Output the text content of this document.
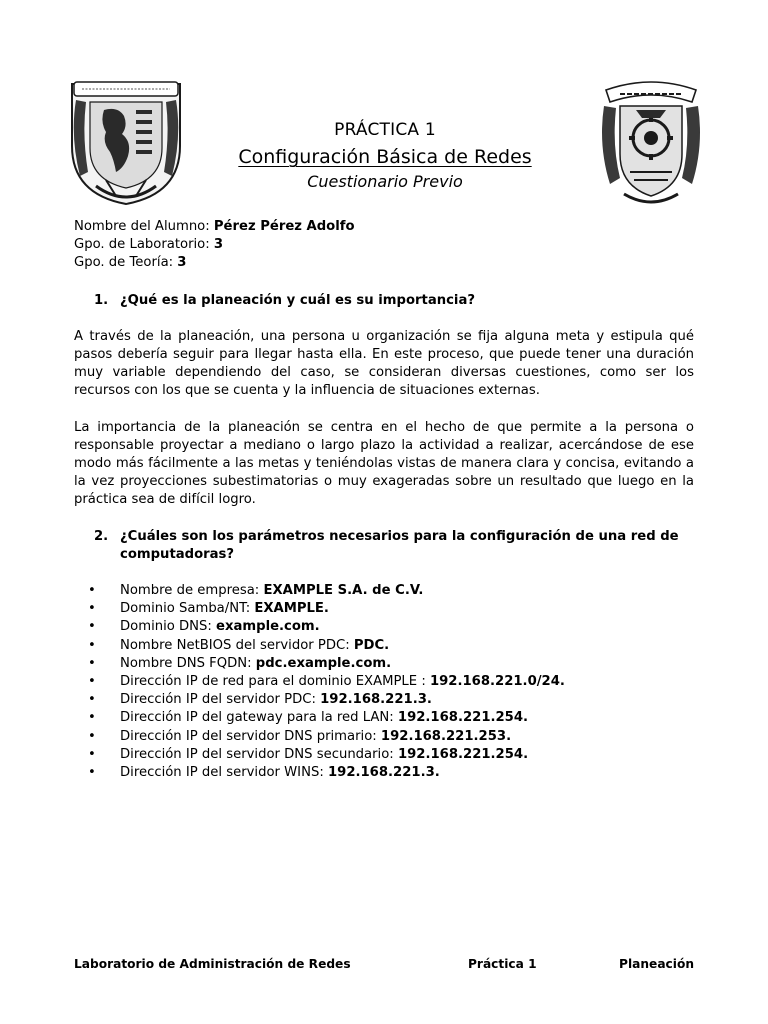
PRÁCTICA 1

Configuración Básica de Redes

Cuestionario Previo

Nombre del Alumno: Pérez Pérez Adolfo

Gpo. de Laboratorio: 3

Gpo. de Teoría: 3

1. ¿Qué es la planeación y cuál es su importancia?

A través de la planeación, una persona u organización se fija alguna meta y estipula qué pasos debería seguir para llegar hasta ella. En este proceso, que puede tener una duración muy variable dependiendo del caso, se consideran diversas cuestiones, como ser los recursos con los que se cuenta y la influencia de situaciones externas.

La importancia de la planeación se centra en el hecho de que permite a la persona o responsable proyectar a mediano o largo plazo la actividad a realizar, acercándose de ese modo más fácilmente a las metas y teniéndolas vistas de manera clara y concisa, evitando a la vez proyecciones subestimatorias o muy exageradas sobre un resultado que luego en la práctica sea de difícil logro.

2. ¿Cuáles son los parámetros necesarios para la configuración de una red de computadoras?
•	Nombre de empresa: EXAMPLE S.A. de C.V.
•	Dominio Samba/NT: EXAMPLE.
•	Dominio DNS: example.com.
•	Nombre NetBIOS del servidor PDC: PDC.
•	Nombre DNS FQDN: pdc.example.com.
•	Dirección IP de red para el dominio EXAMPLE : 192.168.221.0/24.
•	Dirección IP del servidor PDC: 192.168.221.3.
•	Dirección IP del gateway para la red LAN: 192.168.221.254.
•	Dirección IP del servidor DNS primario: 192.168.221.253.
•	Dirección IP del servidor DNS secundario: 192.168.221.254.
•	Dirección IP del servidor WINS: 192.168.221.3.
Laboratorio de Administración de Redes	Práctica 1	Planeación
